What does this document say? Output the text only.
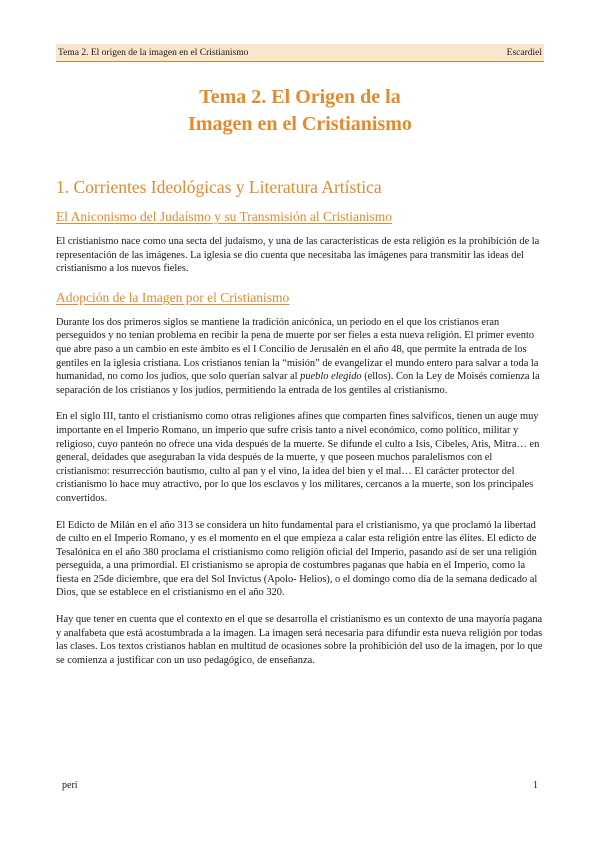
Tema 2. El origen de la imagen en el Cristianismo	Escardiel
Tema 2. El Origen de la
Imagen en el Cristianismo
1. Corrientes Ideológicas y Literatura Artística
El Aniconismo del Judaísmo y su Transmisión al Cristianismo

El cristianismo nace como una secta del judaísmo, y una de las características de esta religión es la prohibición de la representación de las imágenes. La iglesia se dio cuenta que necesitaba las imágenes para transmitir las ideas del cristianismo a los nuevos fieles.

Adopción de la Imagen por el Cristianismo

Durante los dos primeros siglos se mantiene la tradición anicónica, un periodo en el que los cristianos eran perseguidos y no tenían problema en recibir la pena de muerte por ser fieles a esta nueva religión. El primer evento que abre paso a un cambio en este ámbito es el I Concilio de Jerusalén en el año 48, que permite la entrada de los gentiles en la iglesia cristiana. Los cristianos tenían la “misión” de evangelizar el mundo entero para salvar a toda la humanidad, no como los judíos, que solo querían salvar al pueblo elegido (ellos). Con la Ley de Moisés comienza la separación de los cristianos y los judíos, permitiendo la entrada de los gentiles al cristianismo.

En el siglo III, tanto el cristianismo como otras religiones afines que comparten fines salvíficos, tienen un auge muy importante en el Imperio Romano, un imperio que sufre crisis tanto a nivel económico, como político, militar y religioso, cuyo panteón no ofrece una vida después de la muerte. Se difunde el culto a Isis, Cibeles, Atis, Mitra… en general, deidades que aseguraban la vida después de la muerte, y que poseen muchos paralelismos con el cristianismo: resurrección bautismo, culto al pan y el vino, la idea del bien y el mal… El carácter protector del cristianismo lo hace muy atractivo, por lo que los esclavos y los militares, cercanos a la muerte, son los principales convertidos.

El Edicto de Milán en el año 313 se considera un hito fundamental para el cristianismo, ya que proclamó la libertad de culto en el Imperio Romano, y es el momento en el que empieza a calar esta religión entre las élites. El edicto de Tesalónica en el año 380 proclama el cristianismo como religión oficial del Imperio, pasando así de ser una religión perseguida, a una primordial. El cristianismo se apropia de costumbres paganas que había en el Imperio, como la fiesta en 25de diciembre, que era del Sol Invictus (Apolo- Helios), o el domingo como día de la semana dedicado al Dios, que se establece en el cristianismo en el año 320.

Hay que tener en cuenta que el contexto en el que se desarrolla el cristianismo es un contexto de una mayoría pagana y analfabeta que está acostumbrada a la imagen. La imagen será necesaria para difundir esta nueva religión por todas las clases. Los textos cristianos hablan en multitud de ocasiones sobre la prohibición del uso de la imagen, por lo que se comienza a justificar con un uso pedagógico, de enseñanza.

peri	1
